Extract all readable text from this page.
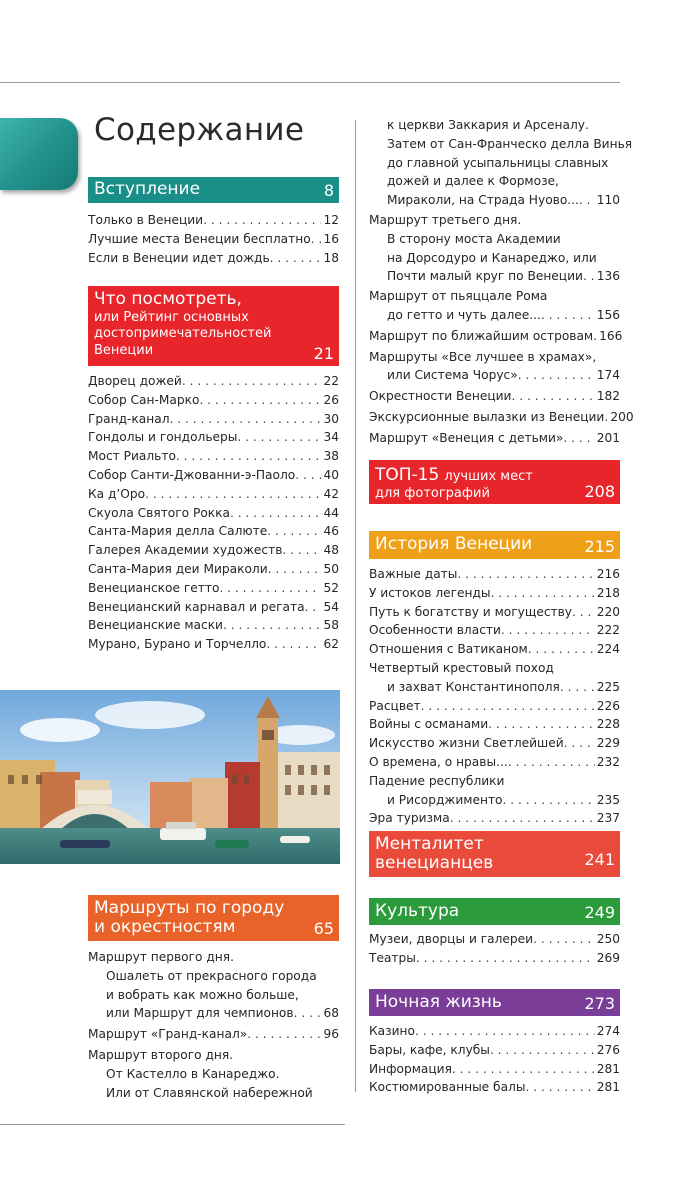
Содержание
Вступление	8
Только в Венеции . . .	12
Лучшие места Венеции бесплатно . . . 16
Если в Венеции идет дождь . . .	18
Что посмотреть,
или Рейтинг основных
достопримечательностей
Венеции	21
Дворец дожей . . .	22
Собор Сан-Марко . . .	26
Гранд-канал . . .	30
Гондолы и гондольеры . . .	34
Мост Риальто . . .	38
Собор Санти-Джованни-э-Паоло . . . 40
Ка д’Оро . . .	42
Скуола Святого Рокка . . .	44
Санта-Мария делла Салюте . . .	46
Галерея Академии художеств . . .	48
Санта-Мария деи Мираколи . . .	50
Венецианское гетто . . .	52
Венецианский карнавал и регата . . . 54
Венецианские маски . . .	58
Мурано, Бурано и Торчелло . . .	62
Маршруты по городу
и окрестностям	65
Маршрут первого дня.
Ошалеть от прекрасного города
и вобрать как можно больше,
или Маршрут для чемпионов . . . 68
Маршрут «Гранд-канал» . . .	96
Маршрут второго дня.
От Кастелло в Канареджо.
Или от Славянской набережной
к церкви Заккария и Арсеналу.
Затем от Сан-Франческо делла Винья
до главной усыпальницы славных
дожей и далее к Формозе,
Мираколи, на Страда Нуово... . . . 110
Маршрут третьего дня.
В сторону моста Академии
на Дорсодуро и Канареджо, или
Почти малый круг по Венеции . . . 136
Маршрут от пьяццале Рома
до гетто и чуть далее... . . .	156
Маршрут по ближайшим островам . . . 166
Маршруты «Все лучшее в храмах»,
или Система Чорус» . . .	174
Окрестности Венеции . . .	182
Экскурсионные вылазки из Венеции . . . 200
Маршрут «Венеция с детьми» . . .	201
ТОП-15 лучших мест
для фотографий	208
История Венеции	215
Важные даты . . .	216
У истоков легенды . . .	218
Путь к богатству и могуществу . . . 220
Особенности власти . . .	222
Отношения с Ватиканом . . .	224
Четвертый крестовый поход
и захват Константинополя . . .	225
Расцвет . . .	226
Войны с османами . . .	228
Искусство жизни Светлейшей . . .	229
О времена, о нравы... . . .	232
Падение республики
и Рисорджименто . . .	235
Эра туризма . . .	237
Менталитет
венецианцев	241
Культура	249
Музеи, дворцы и галереи . . .	250
Театры . . .	269
Ночная жизнь	273
Казино . . .	274
Бары, кафе, клубы . . .	276
Информация . . .	281
Костюмированные балы . . .	281
